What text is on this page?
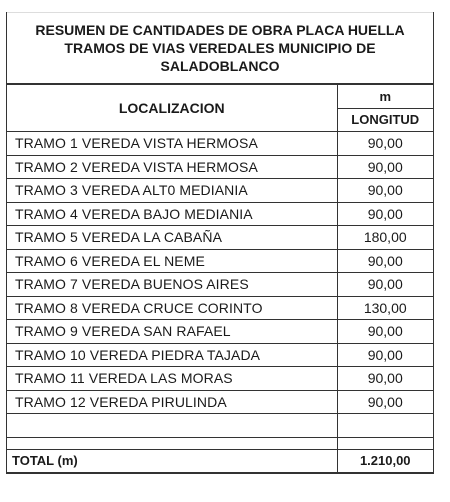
RESUMEN DE CANTIDADES DE OBRA PLACA HUELLA
TRAMOS DE VIAS VEREDALES MUNICIPIO DE
SALADOBLANCO
LOCALIZACION	m
	LONGITUD
TRAMO 1 VEREDA VISTA HERMOSA	90,00
TRAMO 2 VEREDA VISTA HERMOSA	90,00
TRAMO 3 VEREDA ALT0 MEDIANIA	90,00
TRAMO 4 VEREDA BAJO MEDIANIA	90,00
TRAMO 5 VEREDA LA CABAÑA	180,00
TRAMO 6 VEREDA EL NEME	90,00
TRAMO 7 VEREDA BUENOS AIRES	90,00
TRAMO 8 VEREDA CRUCE CORINTO	130,00
TRAMO 9 VEREDA SAN RAFAEL	90,00
TRAMO 10 VEREDA PIEDRA TAJADA	90,00
TRAMO 11 VEREDA LAS MORAS	90,00
TRAMO 12 VEREDA PIRULINDA	90,00

TOTAL (m)	1.210,00
